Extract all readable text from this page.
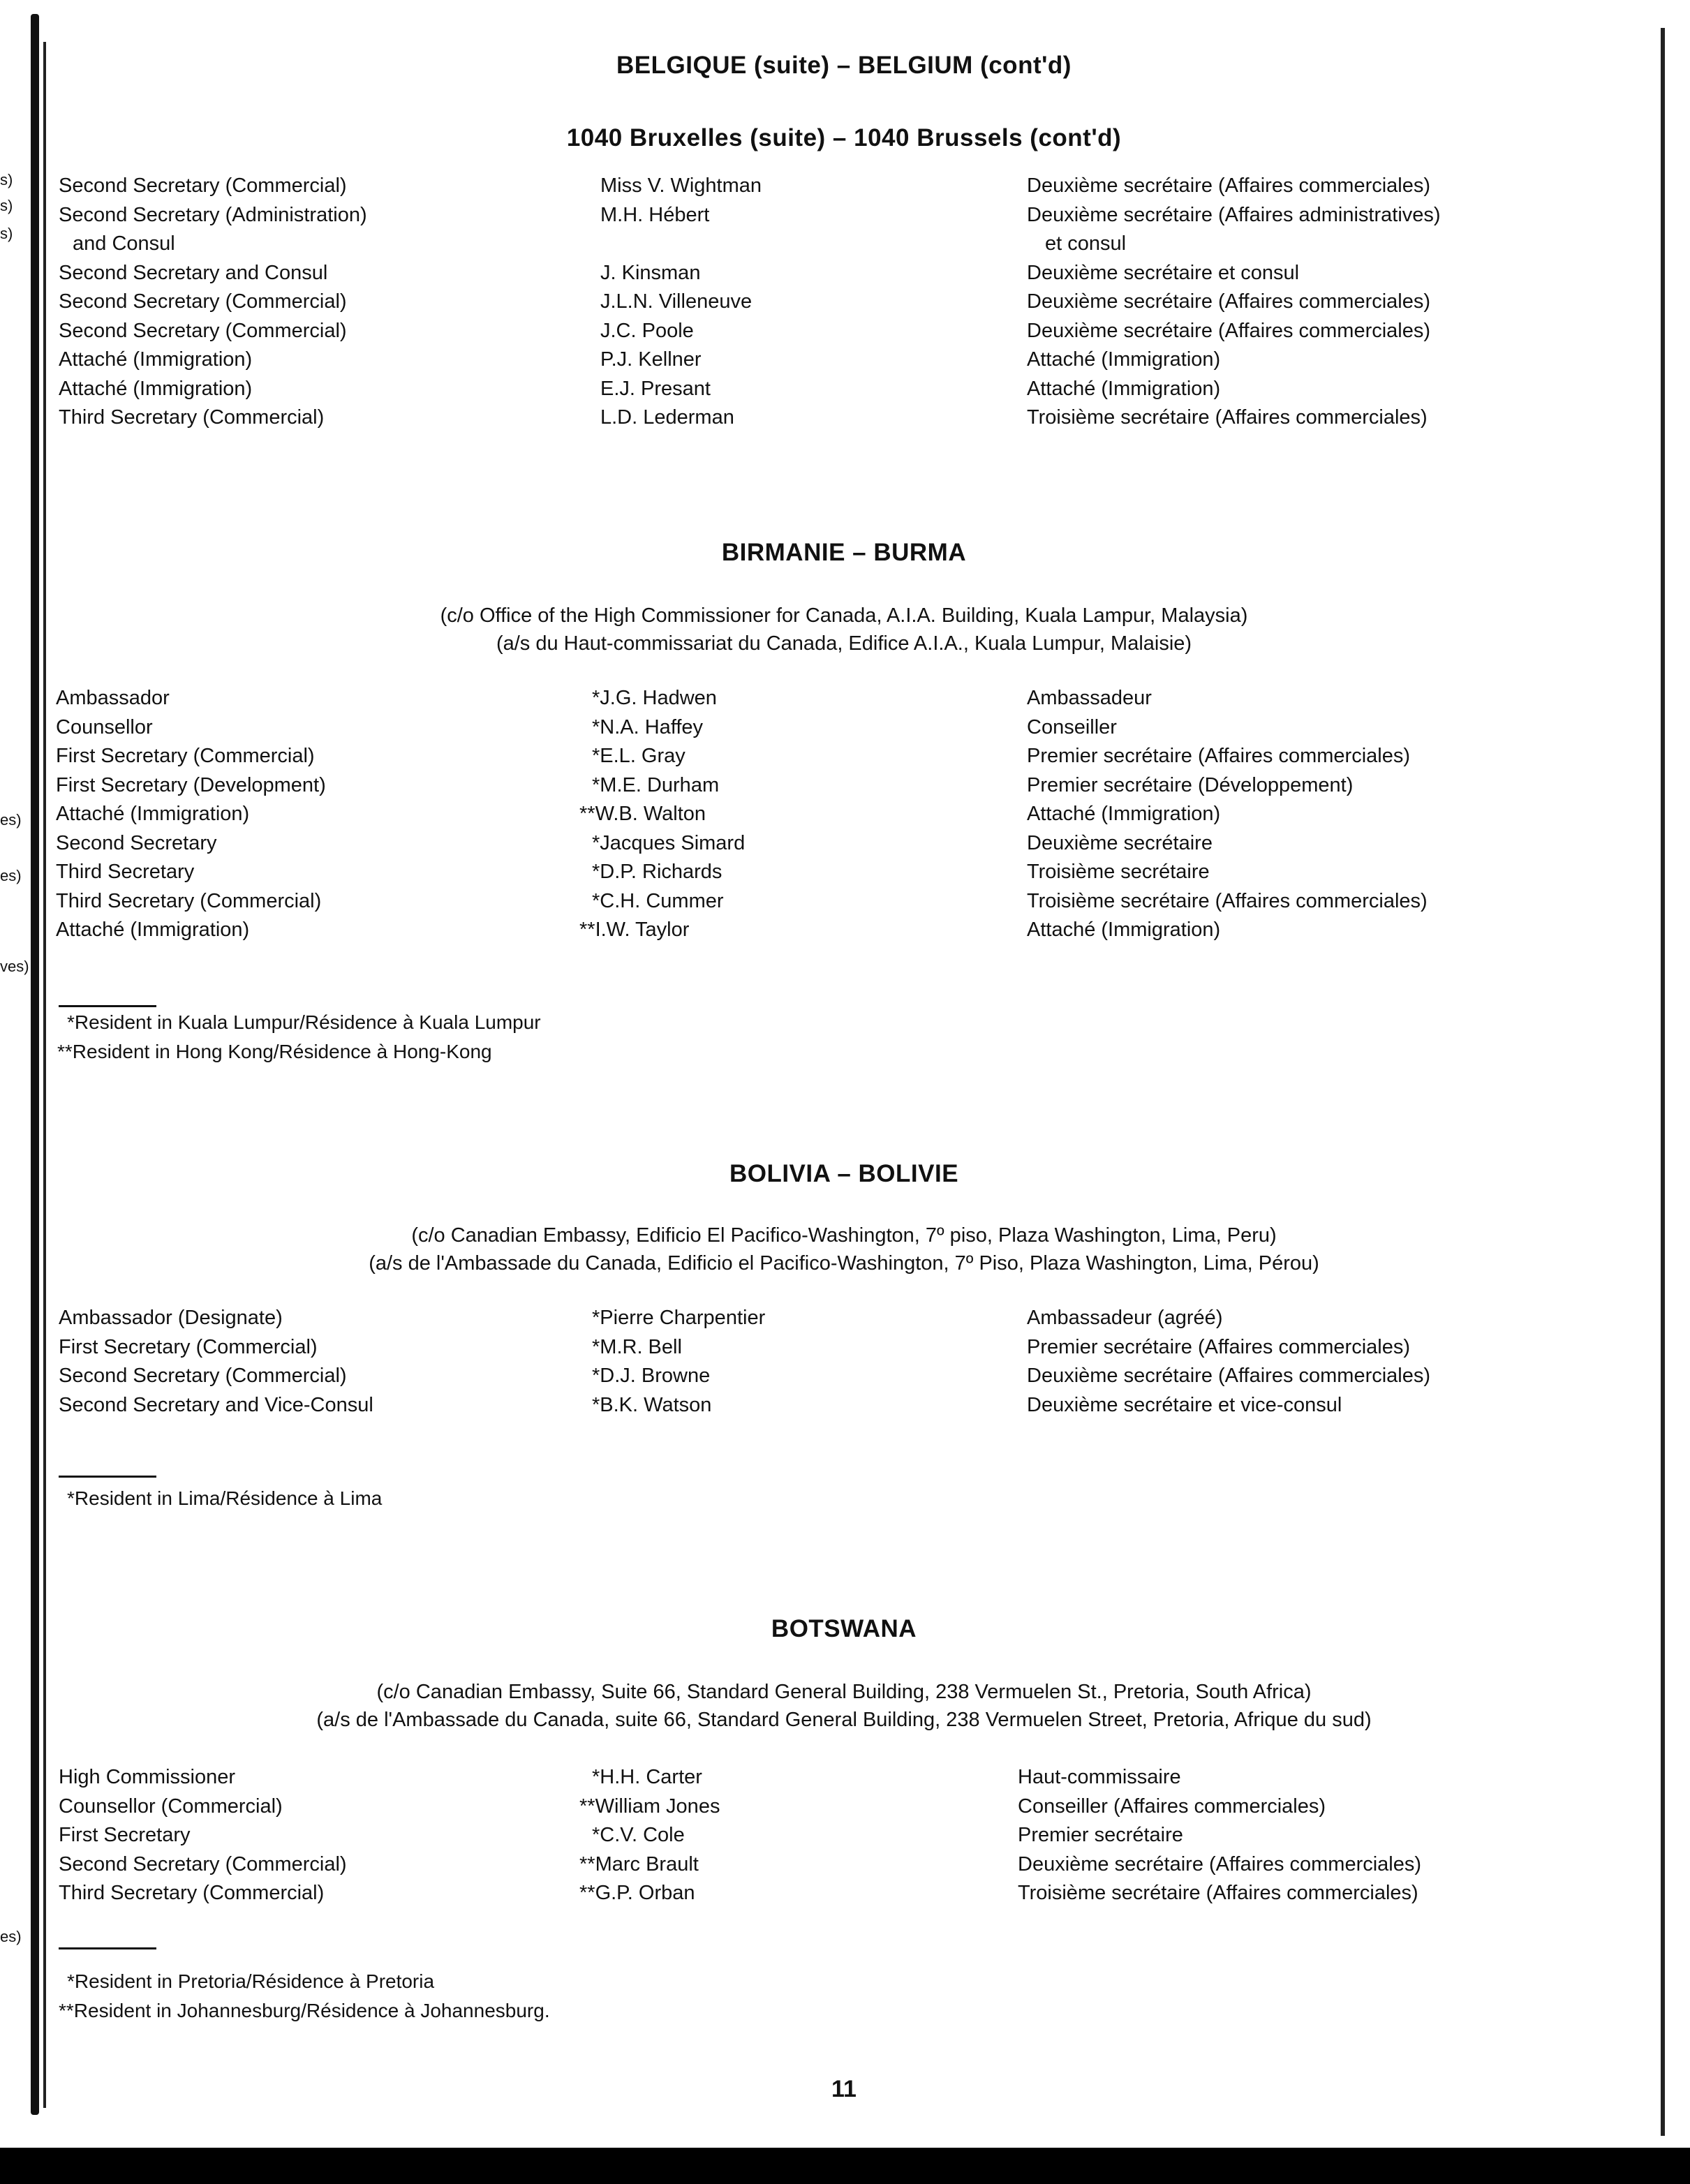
s)
s)
s)
es)
es)
ves)
es)
BELGIQUE (suite) – BELGIUM (cont'd)
1040 Bruxelles (suite) – 1040 Brussels (cont'd)
Second Secretary (Commercial)	Miss V. Wightman	Deuxième secrétaire (Affaires commerciales)
Second Secretary (Administration)	M.H. Hébert	Deuxième secrétaire (Affaires administratives)
and Consul	et consul
Second Secretary and Consul	J. Kinsman	Deuxième secrétaire et consul
Second Secretary (Commercial)	J.L.N. Villeneuve	Deuxième secrétaire (Affaires commerciales)
Second Secretary (Commercial)	J.C. Poole	Deuxième secrétaire (Affaires commerciales)
Attaché (Immigration)	P.J. Kellner	Attaché (Immigration)
Attaché (Immigration)	E.J. Presant	Attaché (Immigration)
Third Secretary (Commercial)	L.D. Lederman	Troisième secrétaire (Affaires commerciales)
BIRMANIE – BURMA
(c/o Office of the High Commissioner for Canada, A.I.A. Building, Kuala Lampur, Malaysia)
(a/s du Haut-commissariat du Canada, Edifice A.I.A., Kuala Lumpur, Malaisie)
Ambassador	*J.G. Hadwen	Ambassadeur
Counsellor	*N.A. Haffey	Conseiller
First Secretary (Commercial)	*E.L. Gray	Premier secrétaire (Affaires commerciales)
First Secretary (Development)	*M.E. Durham	Premier secrétaire (Développement)
Attaché (Immigration)	**W.B. Walton	Attaché (Immigration)
Second Secretary	*Jacques Simard	Deuxième secrétaire
Third Secretary	*D.P. Richards	Troisième secrétaire
Third Secretary (Commercial)	*C.H. Cummer	Troisième secrétaire (Affaires commerciales)
Attaché (Immigration)	**I.W. Taylor	Attaché (Immigration)
*Resident in Kuala Lumpur/Résidence à Kuala Lumpur
**Resident in Hong Kong/Résidence à Hong-Kong
BOLIVIA – BOLIVIE
(c/o Canadian Embassy, Edificio El Pacifico-Washington, 7º piso, Plaza Washington, Lima, Peru)
(a/s de l'Ambassade du Canada, Edificio el Pacifico-Washington, 7º Piso, Plaza Washington, Lima, Pérou)
Ambassador (Designate)	*Pierre Charpentier	Ambassadeur (agréé)
First Secretary (Commercial)	*M.R. Bell	Premier secrétaire (Affaires commerciales)
Second Secretary (Commercial)	*D.J. Browne	Deuxième secrétaire (Affaires commerciales)
Second Secretary and Vice-Consul	*B.K. Watson	Deuxième secrétaire et vice-consul
*Resident in Lima/Résidence à Lima
BOTSWANA
(c/o Canadian Embassy, Suite 66, Standard General Building, 238 Vermuelen St., Pretoria, South Africa)
(a/s de l'Ambassade du Canada, suite 66, Standard General Building, 238 Vermuelen Street, Pretoria, Afrique du sud)
High Commissioner	*H.H. Carter	Haut-commissaire
Counsellor (Commercial)	**William Jones	Conseiller (Affaires commerciales)
First Secretary	*C.V. Cole	Premier secrétaire
Second Secretary (Commercial)	**Marc Brault	Deuxième secrétaire (Affaires commerciales)
Third Secretary (Commercial)	**G.P. Orban	Troisième secrétaire (Affaires commerciales)
*Resident in Pretoria/Résidence à Pretoria
**Resident in Johannesburg/Résidence à Johannesburg.
11
